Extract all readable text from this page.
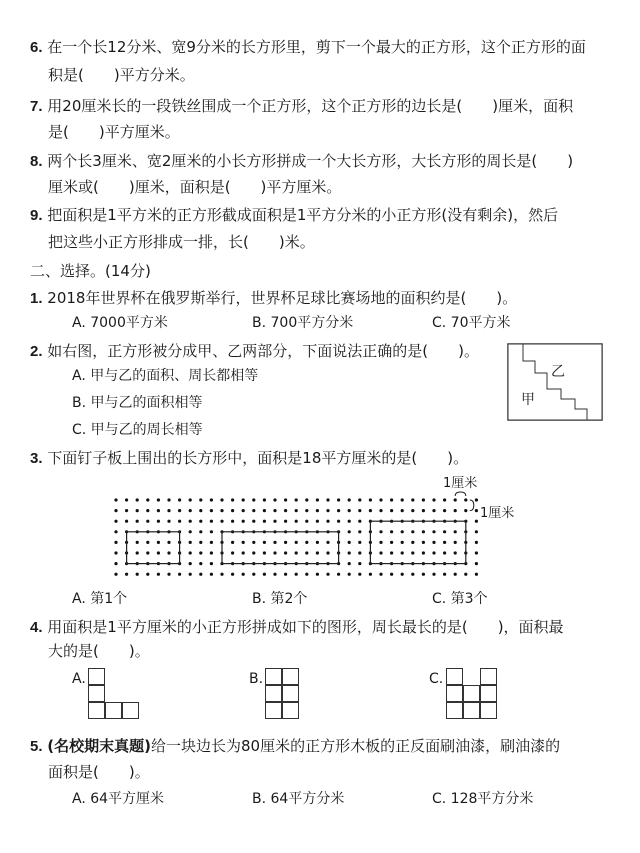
6. 在一个长12分米、宽9分米的长方形里，剪下一个最大的正方形，这个正方形的面
积是(　　)平方分米。
7. 用20厘米长的一段铁丝围成一个正方形，这个正方形的边长是(　　)厘米，面积
是(　　)平方厘米。
8. 两个长3厘米、宽2厘米的小长方形拼成一个大长方形，大长方形的周长是(　　)
厘米或(　　)厘米，面积是(　　)平方厘米。
9. 把面积是1平方米的正方形截成面积是1平方分米的小正方形(没有剩余)，然后
把这些小正方形排成一排，长(　　)米。
二、选择。(14分)
1. 2018年世界杯在俄罗斯举行，世界杯足球比赛场地的面积约是(　　)。
A. 7000平方米	B. 700平方分米	C. 70平方米
2. 如右图，正方形被分成甲、乙两部分，下面说法正确的是(　　)。
A. 甲与乙的面积、周长都相等
B. 甲与乙的面积相等
C. 甲与乙的周长相等
乙
甲
3. 下面钉子板上围出的长方形中，面积是18平方厘米的是(　　)。
1厘米
1厘米
A. 第1个	B. 第2个	C. 第3个
4. 用面积是1平方厘米的小正方形拼成如下的图形，周长最长的是(　　)，面积最
大的是(　　)。
A.	B.	C.
5. (名校期末真题)给一块边长为80厘米的正方形木板的正反面刷油漆，刷油漆的
面积是(　　)。
A. 64平方厘米	B. 64平方分米	C. 128平方分米
